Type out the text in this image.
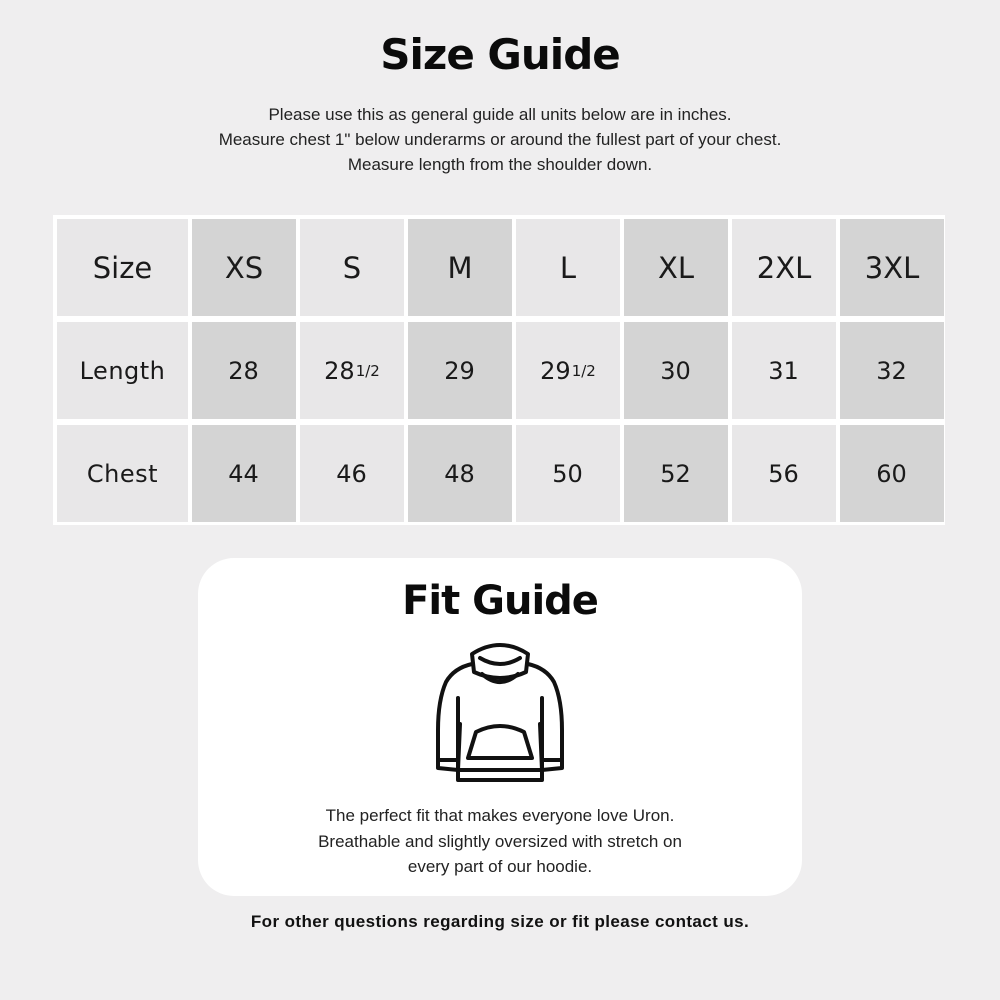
Size Guide
Please use this as general guide all units below are in inches.
Measure chest 1" below underarms or around the fullest part of your chest.
Measure length from the shoulder down.
Size	XS	S	M	L	XL	2XL	3XL
Length	28	28 1/2	29	29 1/2	30	31	32
Chest	44	46	48	50	52	56	60
Fit Guide
The perfect fit that makes everyone love Uron.
Breathable and slightly oversized with stretch on
every part of our hoodie.
For other questions regarding size or fit please contact us.
